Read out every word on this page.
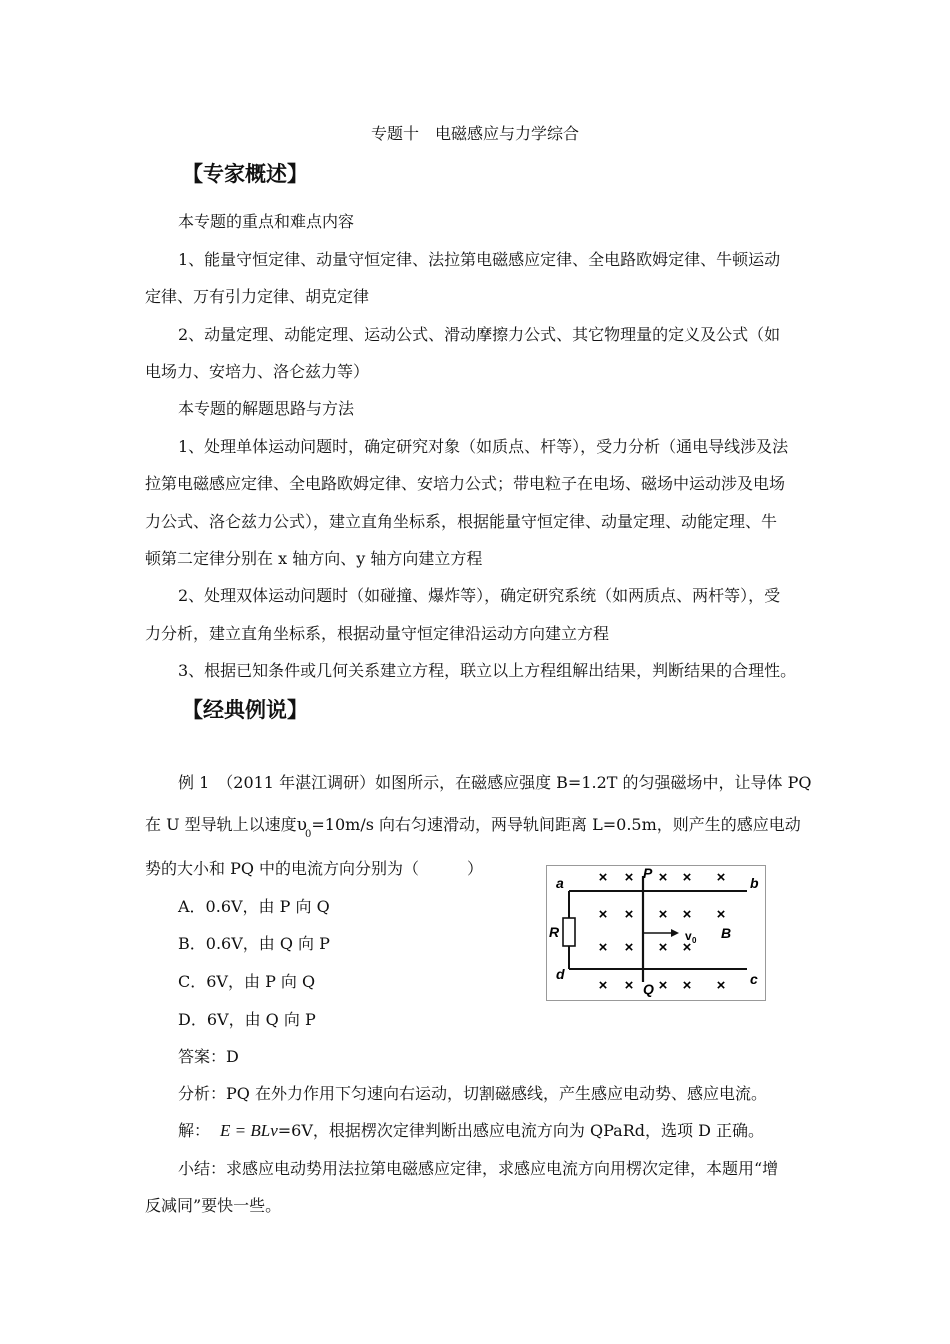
专题十　电磁感应与力学综合
【专家概述】
本专题的重点和难点内容
1、能量守恒定律、动量守恒定律、法拉第电磁感应定律、全电路欧姆定律、牛顿运动
定律、万有引力定律、胡克定律
2、动量定理、动能定理、运动公式、滑动摩擦力公式、其它物理量的定义及公式（如
电场力、安培力、洛仑兹力等）
本专题的解题思路与方法
1、处理单体运动问题时，确定研究对象（如质点、杆等），受力分析（通电导线涉及法
拉第电磁感应定律、全电路欧姆定律、安培力公式；带电粒子在电场、磁场中运动涉及电场
力公式、洛仑兹力公式），建立直角坐标系，根据能量守恒定律、动量定理、动能定理、牛
顿第二定律分别在 x 轴方向、y 轴方向建立方程
2、处理双体运动问题时（如碰撞、爆炸等），确定研究系统（如两质点、两杆等），受
力分析，建立直角坐标系，根据动量守恒定律沿运动方向建立方程
3、根据已知条件或几何关系建立方程，联立以上方程组解出结果，判断结果的合理性。
【经典例说】
例 1　（2011 年湛江调研）如图所示，在磁感应强度 B=1.2T 的匀强磁场中，让导体 PQ
在 U 型导轨上以速度$\upsilon_0=10m/s$ 向右匀速滑动，两导轨间距离 L=0.5m，则产生的感应电动
势的大小和 PQ 中的电流方向分别为（　　　）
A．0.6V，由 P 向 Q
B．0.6V，由 Q 向 P
C．6V，由 P 向 Q
D．6V，由 Q 向 P
答案：D
分析：PQ 在外力作用下匀速向右运动，切割磁感线，产生感应电动势、感应电流。
解： E = BLv=6V，根据楞次定律判断出感应电流方向为 QPaRd，选项 D 正确。
小结：求感应电动势用法拉第电磁感应定律，求感应电流方向用楞次定律，本题用“增
反减同”要快一些。
× × × × ×
× × × × ×
× × × ×
× × × × ×
a	b
c
d
P
Q
R	B
v 0
